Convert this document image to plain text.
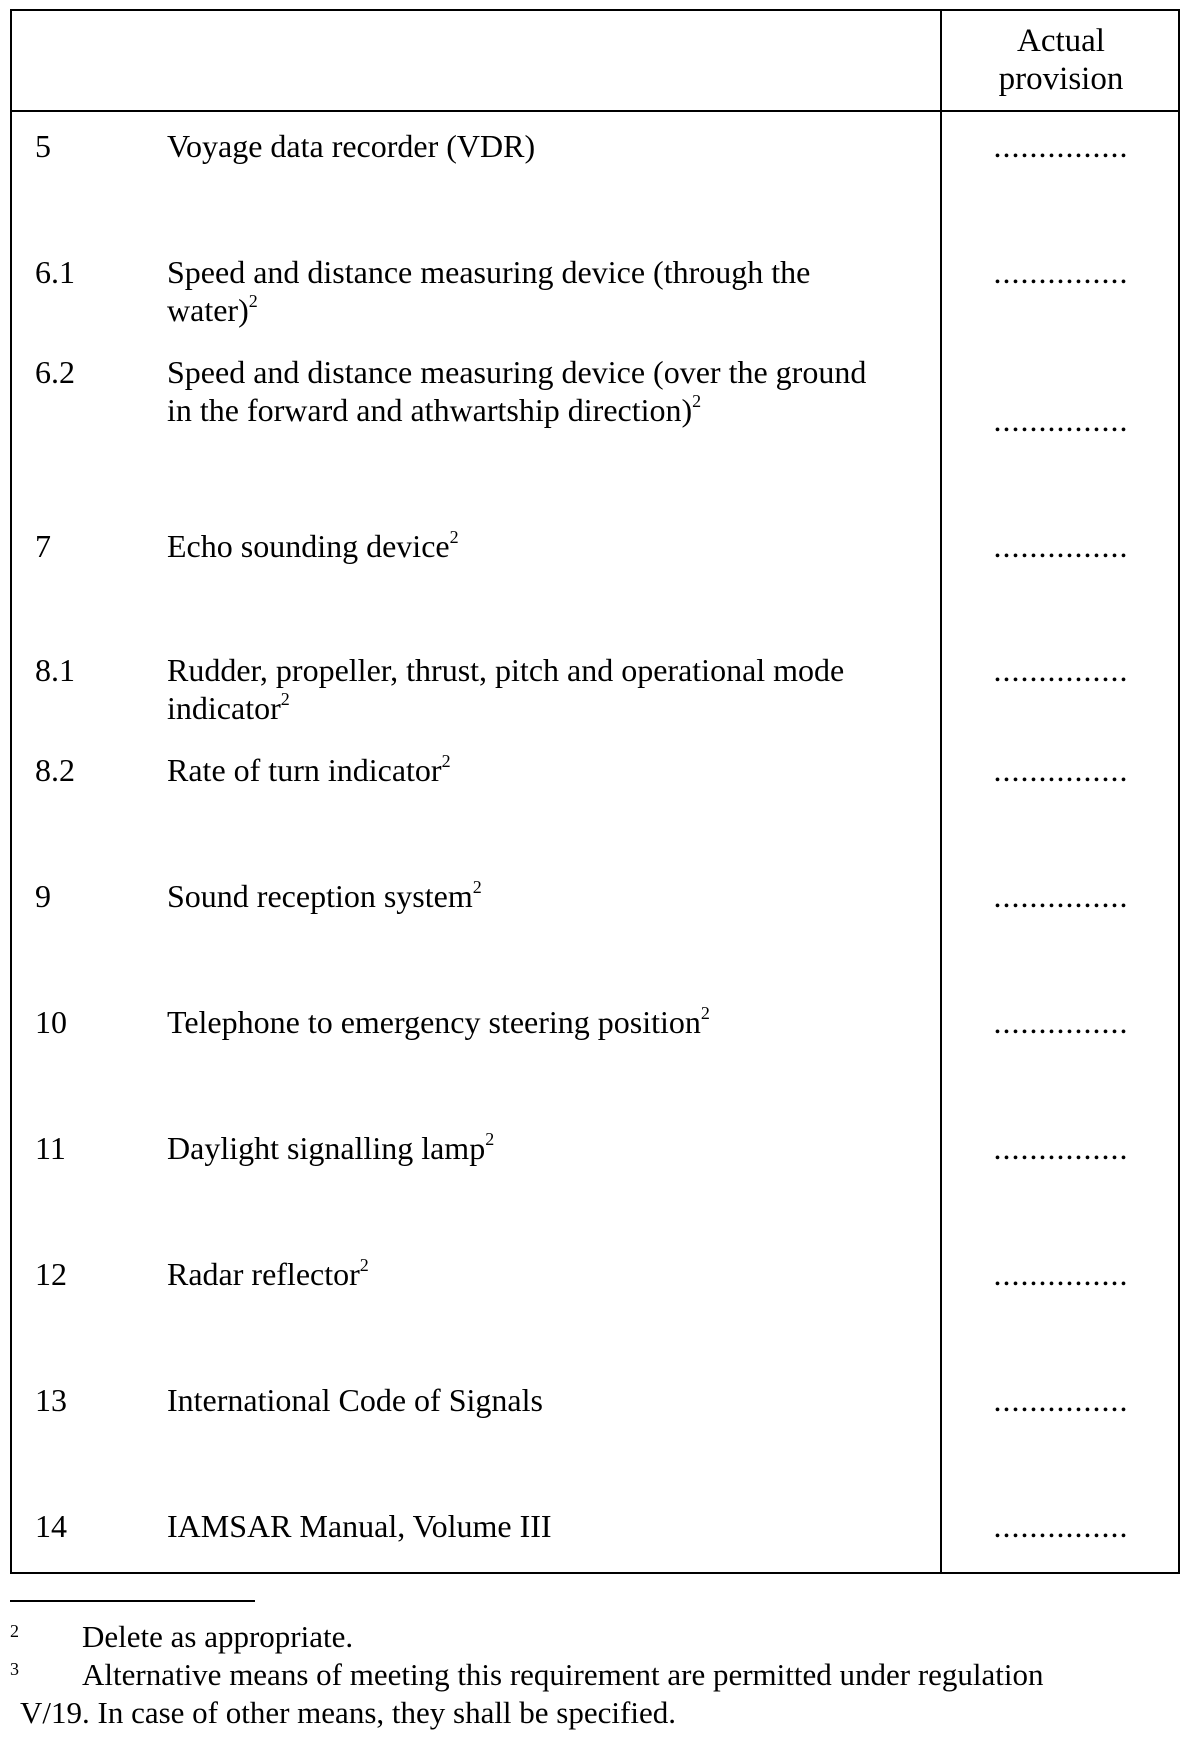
Actual
provision
5	Voyage data recorder (VDR)	...............
6.1	Speed and distance measuring device (through the
water)$^2$
...............
6.2	Speed and distance measuring device (over the ground
in the forward and athwartship direction)$^2$
...............
7	Echo sounding device$^2$	...............
8.1	Rudder, propeller, thrust, pitch and operational mode
indicator$^2$
...............
8.2	Rate of turn indicator$^2$	...............
9	Sound reception system$^2$	...............
10	Telephone to emergency steering position$^2$	...............
11	Daylight signalling lamp$^2$	...............
12	Radar reflector$^2$	...............
13	International Code of Signals	...............
14	IAMSAR Manual, Volume III	...............
2 Delete as appropriate.
3 Alternative means of meeting this requirement are permitted under regulation
V/19. In case of other means, they shall be specified.
